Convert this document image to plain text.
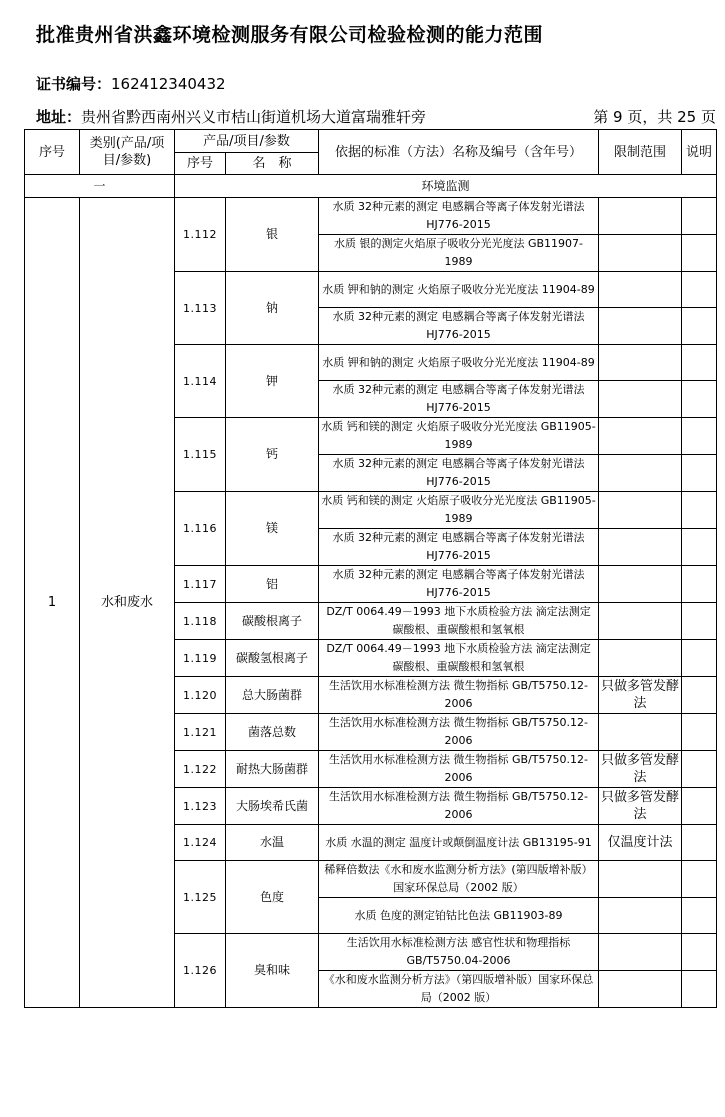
批准贵州省洪鑫环境检测服务有限公司检验检测的能力范围
证书编号：162412340432
地址：贵州省黔西南州兴义市桔山街道机场大道富瑞雅轩旁	第 9 页，共 25 页
序号	类别(产品/项目/参数)	产品/项目/参数		依据的标准（方法）名称及编号（含年号）	限制范围	说明
		序号	名　称			
一		环境监测				
1	水和废水	1.112	银	水质 32种元素的测定 电感耦合等离子体发射光谱法 HJ776-2015		
				水质 银的测定火焰原子吸收分光光度法 GB11907-1989		
		1.113	钠	水质 钾和钠的测定 火焰原子吸收分光光度法 11904-89		
				水质 32种元素的测定 电感耦合等离子体发射光谱法 HJ776-2015		
		1.114	钾	水质 钾和钠的测定 火焰原子吸收分光光度法 11904-89		
				水质 32种元素的测定 电感耦合等离子体发射光谱法 HJ776-2015		
		1.115	钙	水质 钙和镁的测定 火焰原子吸收分光光度法 GB11905-1989		
				水质 32种元素的测定 电感耦合等离子体发射光谱法 HJ776-2015		
		1.116	镁	水质 钙和镁的测定 火焰原子吸收分光光度法 GB11905-1989		
				水质 32种元素的测定 电感耦合等离子体发射光谱法 HJ776-2015		
		1.117	铝	水质 32种元素的测定 电感耦合等离子体发射光谱法 HJ776-2015		
		1.118	碳酸根离子	DZ/T 0064.49－1993 地下水质检验方法 滴定法测定碳酸根、重碳酸根和氢氧根		
		1.119	碳酸氢根离子	DZ/T 0064.49－1993 地下水质检验方法 滴定法测定碳酸根、重碳酸根和氢氧根		
		1.120	总大肠菌群	生活饮用水标准检测方法 微生物指标 GB/T5750.12-2006	只做多管发酵法	
		1.121	菌落总数	生活饮用水标准检测方法 微生物指标 GB/T5750.12-2006		
		1.122	耐热大肠菌群	生活饮用水标准检测方法 微生物指标 GB/T5750.12-2006	只做多管发酵法	
		1.123	大肠埃希氏菌	生活饮用水标准检测方法 微生物指标 GB/T5750.12-2006	只做多管发酵法	
		1.124	水温	水质 水温的测定 温度计或颠倒温度计法 GB13195-91	仅温度计法	
		1.125	色度	稀释倍数法《水和废水监测分析方法》(第四版增补版）国家环保总局（2002 版）		
				水质 色度的测定铂钴比色法 GB11903-89		
		1.126	臭和味	生活饮用水标准检测方法 感官性状和物理指标 GB/T5750.04-2006		
				《水和废水监测分析方法》（第四版增补版）国家环保总局（2002 版）		
